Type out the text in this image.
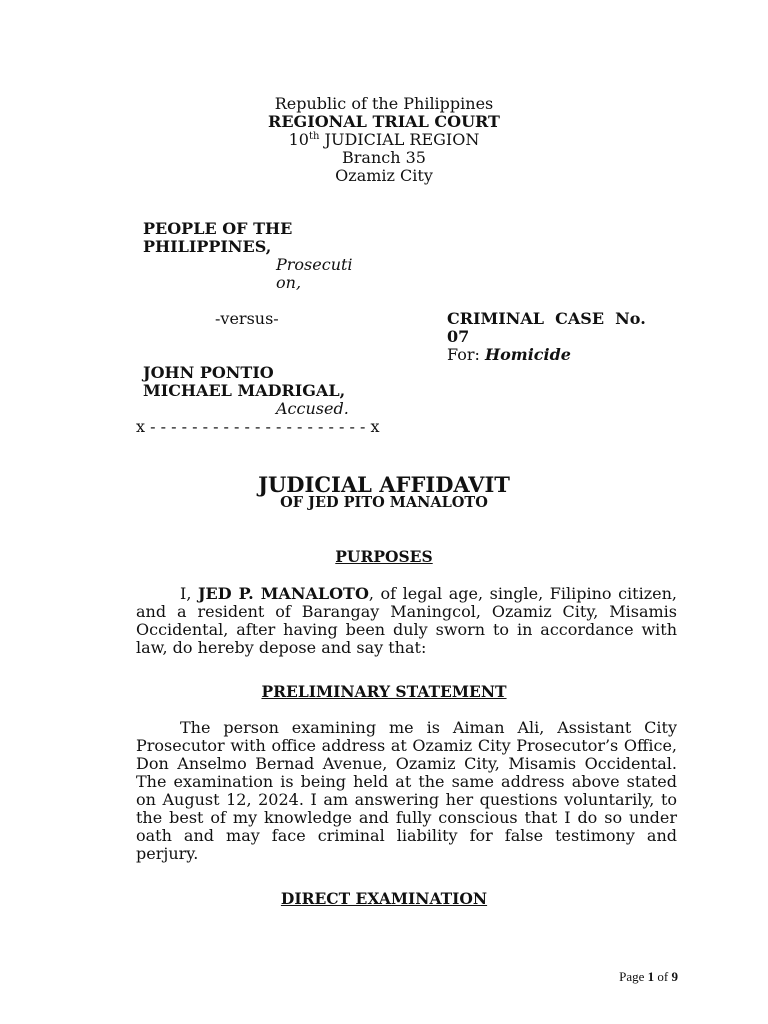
Republic of the Philippines
REGIONAL TRIAL COURT
10th JUDICIAL REGION
Branch 35
Ozamiz City
PEOPLE OF THE
PHILIPPINES,
Prosecuti
on,
-versus-	CRIMINAL  CASE  No.
07
For: Homicide
JOHN PONTIO
MICHAEL MADRIGAL,
Accused.
x - - - - - - - - - - - - - - - - - - - - - x
JUDICIAL AFFIDAVIT
OF JED PITO MANALOTO
PURPOSES
I, JED P. MANALOTO, of legal age, single, Filipino citizen, and a resident of Barangay Maningcol, Ozamiz City, Misamis Occidental, after having been duly sworn to in accordance with law, do hereby depose and say that:
PRELIMINARY STATEMENT
The person examining me is Aiman Ali, Assistant City Prosecutor with office address at Ozamiz City Prosecutor’s Office, Don Anselmo Bernad Avenue, Ozamiz City, Misamis Occidental. The examination is being held at the same address above stated on August 12, 2024. I am answering her questions voluntarily, to the best of my knowledge and fully conscious that I do so under oath and may face criminal liability for false testimony and perjury.
DIRECT EXAMINATION
Page 1 of 9
